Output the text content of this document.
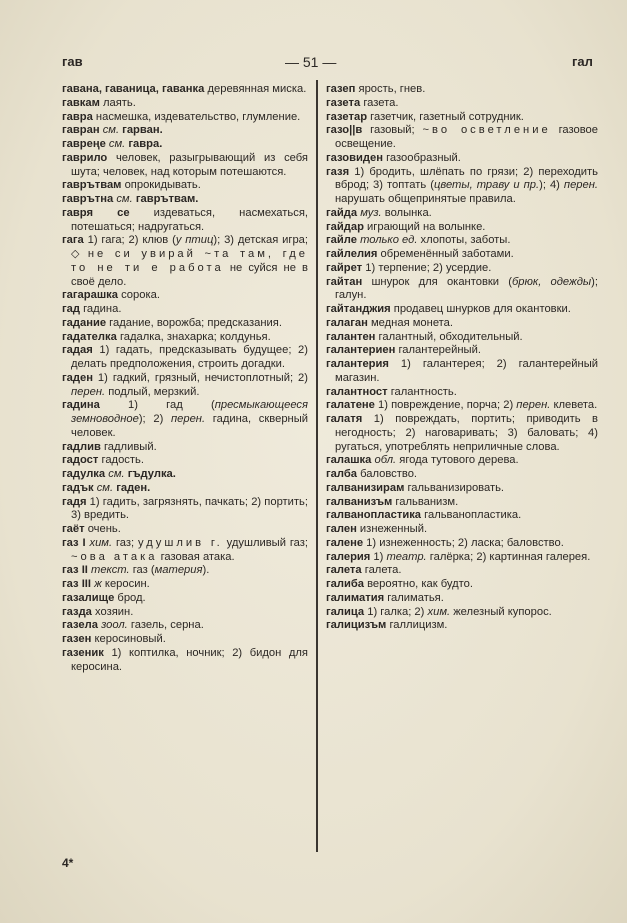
гав	— 51 —	гал

гавана, гаваница, гаванка деревянная миска.

гавкам лаять.

гавра насмешка, издевательство, глумление.

гавран см. гарван.

гавреңе см. гавра.

гаврило человек, разыгрывающий из себя шута; человек, над которым потешаются.

гаврътвам опрокидывать.

гаврътна см. гаврътвам.

гавря се издеваться, насмехаться, потешаться; надругаться.

гага 1) гага; 2) клюв (у птиц); 3) детская игра; ◇ не си увирай ~та там, где то не ти е работа не суйся не в своё дело.

гагарашка сорока.

гад гадина.

гадание гадание, ворожба; предсказания.

гадателка гадалка, знахарка; колдунья.

гадая 1) гадать, предсказывать будущее; 2) делать предположения, строить догадки.

гаден 1) гадкий, грязный, нечистоплотный; 2) перен. подлый, мерзкий.

гадина 1) гад (пресмыкающееся земноводное); 2) перен. гадина, скверный человек.

гадлив гадливый.

гадост гадость.

гадулка см. гъдулка.

гадък см. гаден.

гадя 1) гадить, загрязнять, пачкать; 2) портить; 3) вредить.

гаёт очень.

газ I хим. газ; удушлив г. удушливый газ; ~ова атака газовая атака.

газ II текст. газ (материя).

газ III ж керосин.

газалище брод.

газда хозяин.

газела зоол. газель, серна.

газен керосиновый.

газеник 1) коптилка, ночник; 2) бидон для керосина.

газеп ярость, гнев.

газета газета.

газетар газетчик, газетный сотрудник.

газо||в газовый; ~во осветление газовое освещение.

газовиден газообразный.

газя 1) бродить, шлёпать по грязи; 2) переходить вброд; 3) топтать (цветы, траву и пр.); 4) перен. нарушать общепринятые правила.

гайда муз. волынка.

гайдар играющий на волынке.

гайле только ед. хлопоты, заботы.

гайлелия обременённый заботами.

гайрет 1) терпение; 2) усердие.

гайтан шнурок для окантовки (брюк, одежды); галун.

гайтанджия продавец шнурков для окантовки.

галаган медная монета.

галантен галантный, обходительный.

галантериен галантерейный.

галантерия 1) галантерея; 2) галантерейный магазин.

галантност галантность.

галатене 1) повреждение, порча; 2) перен. клевета.

галатя 1) повреждать, портить; приводить в негодность; 2) наговаривать; 3) баловать; 4) ругаться, употреблять неприличные слова.

галашка обл. ягода тутового дерева.

галба баловство.

галванизирам гальванизировать.

галванизъм гальванизм.

галванопластика гальванопластика.

гален изнеженный.

галене 1) изнеженность; 2) ласка; баловство.

галерия 1) театр. галёрка; 2) картинная галерея.

галета галета.

галиба вероятно, как будто.

галиматия галиматья.

галица 1) галка; 2) хим. железный купорос.

галицизъм галлицизм.

4*
